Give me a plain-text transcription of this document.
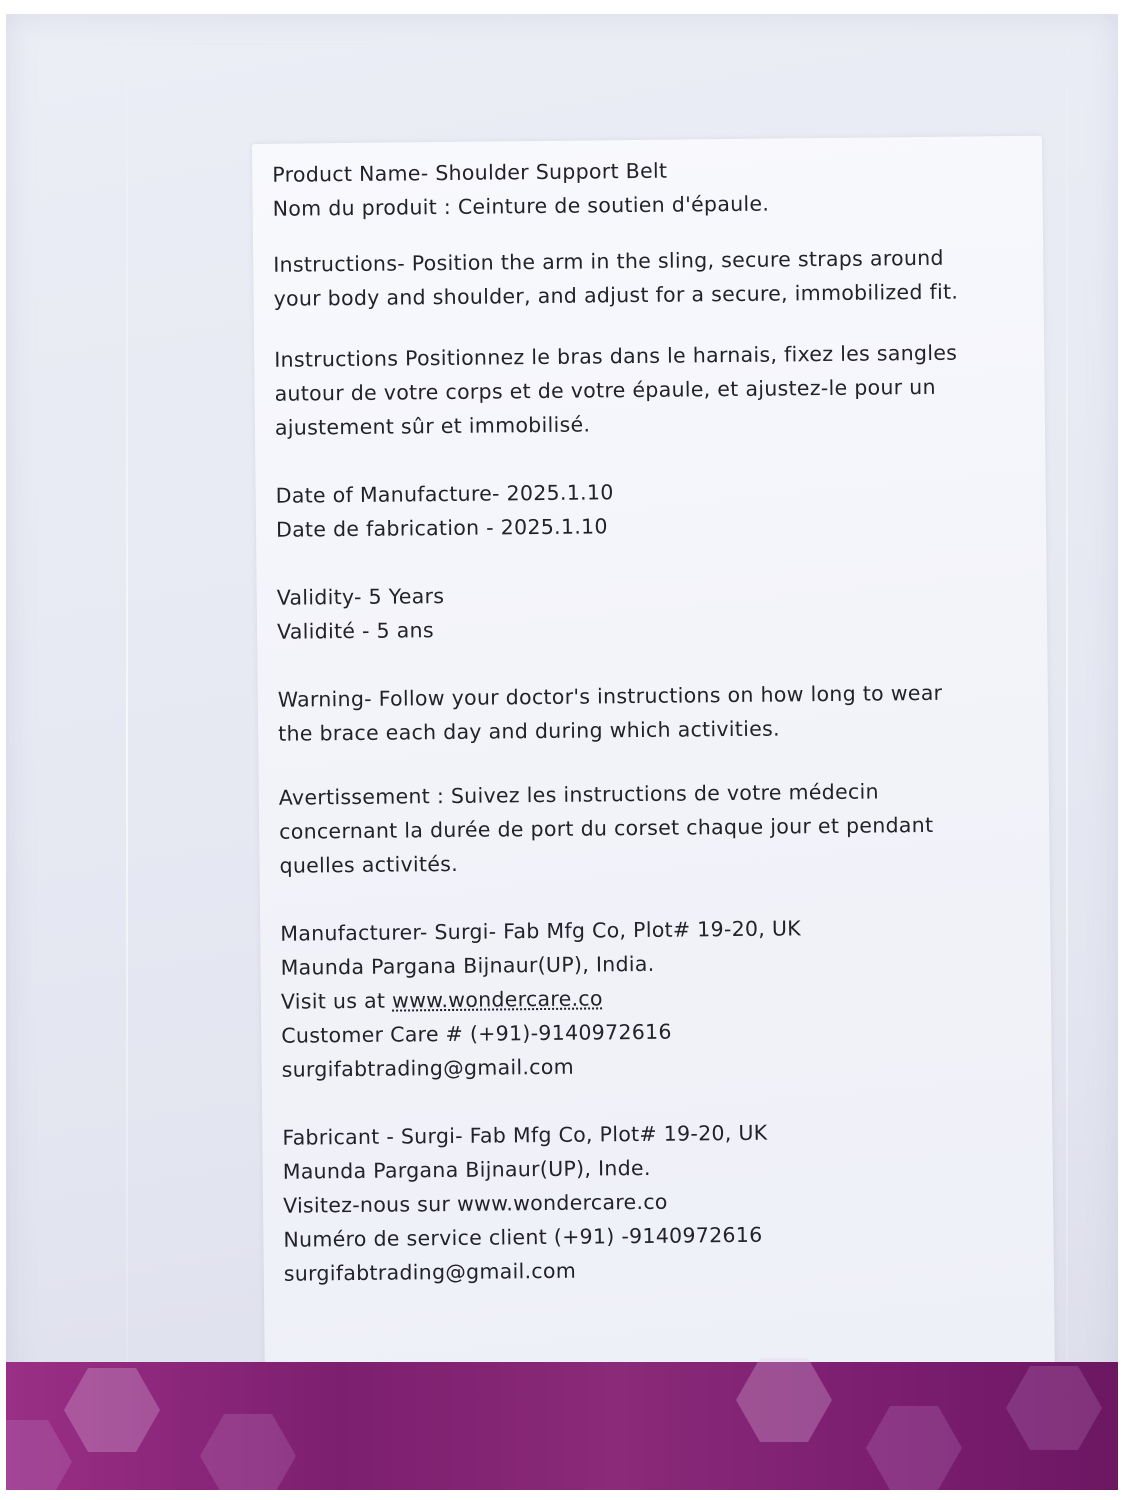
Product Name- Shoulder Support Belt
Nom du produit : Ceinture de soutien d'épaule.
Instructions- Position the arm in the sling, secure straps around
your body and shoulder, and adjust for a secure, immobilized fit.
Instructions Positionnez le bras dans le harnais, fixez les sangles
autour de votre corps et de votre épaule, et ajustez-le pour un
ajustement sûr et immobilisé.
Date of Manufacture- 2025.1.10
Date de fabrication - 2025.1.10
Validity- 5 Years
Validité - 5 ans
Warning- Follow your doctor's instructions on how long to wear
the brace each day and during which activities.
Avertissement : Suivez les instructions de votre médecin
concernant la durée de port du corset chaque jour et pendant
quelles activités.
Manufacturer- Surgi- Fab Mfg Co, Plot# 19-20, UK
Maunda Pargana Bijnaur(UP), India.
Visit us at www.wondercare.co
Customer Care # (+91)-9140972616
surgifabtrading@gmail.com
Fabricant - Surgi- Fab Mfg Co, Plot# 19-20, UK
Maunda Pargana Bijnaur(UP), Inde.
Visitez-nous sur www.wondercare.co
Numéro de service client (+91) -9140972616
surgifabtrading@gmail.com
